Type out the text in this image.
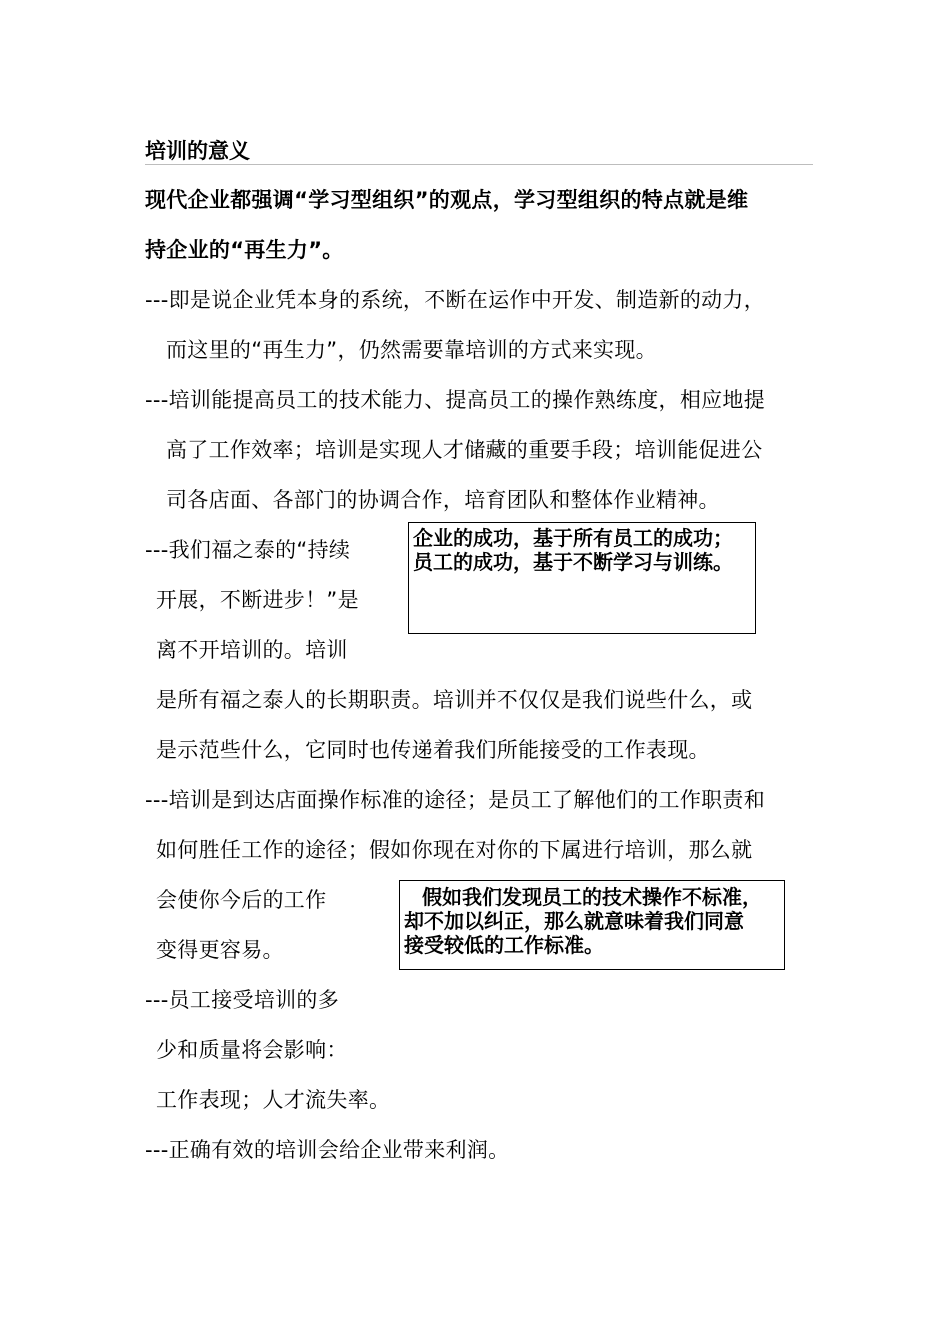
培训的意义
现代企业都强调“学习型组织”的观点，学习型组织的特点就是维
持企业的“再生力”。
---即是说企业凭本身的系统，不断在运作中开发、制造新的动力，
而这里的“再生力”，仍然需要靠培训的方式来实现。
---培训能提高员工的技术能力、提高员工的操作熟练度，相应地提
高了工作效率；培训是实现人才储藏的重要手段；培训能促进公
司各店面、各部门的协调合作，培育团队和整体作业精神。
---我们福之泰的“持续
开展，不断进步！”是
离不开培训的。培训
是所有福之泰人的长期职责。培训并不仅仅是我们说些什么，或
是示范些什么，它同时也传递着我们所能接受的工作表现。
企业的成功，基于所有员工的成功；
员工的成功，基于不断学习与训练。
---培训是到达店面操作标准的途径；是员工了解他们的工作职责和
如何胜任工作的途径；假如你现在对你的下属进行培训，那么就
会使你今后的工作
变得更容易。
假如我们发现员工的技术操作不标准，
却不加以纠正，那么就意味着我们同意
接受较低的工作标准。
---员工接受培训的多
少和质量将会影响：
工作表现；人才流失率。
---正确有效的培训会给企业带来利润。
